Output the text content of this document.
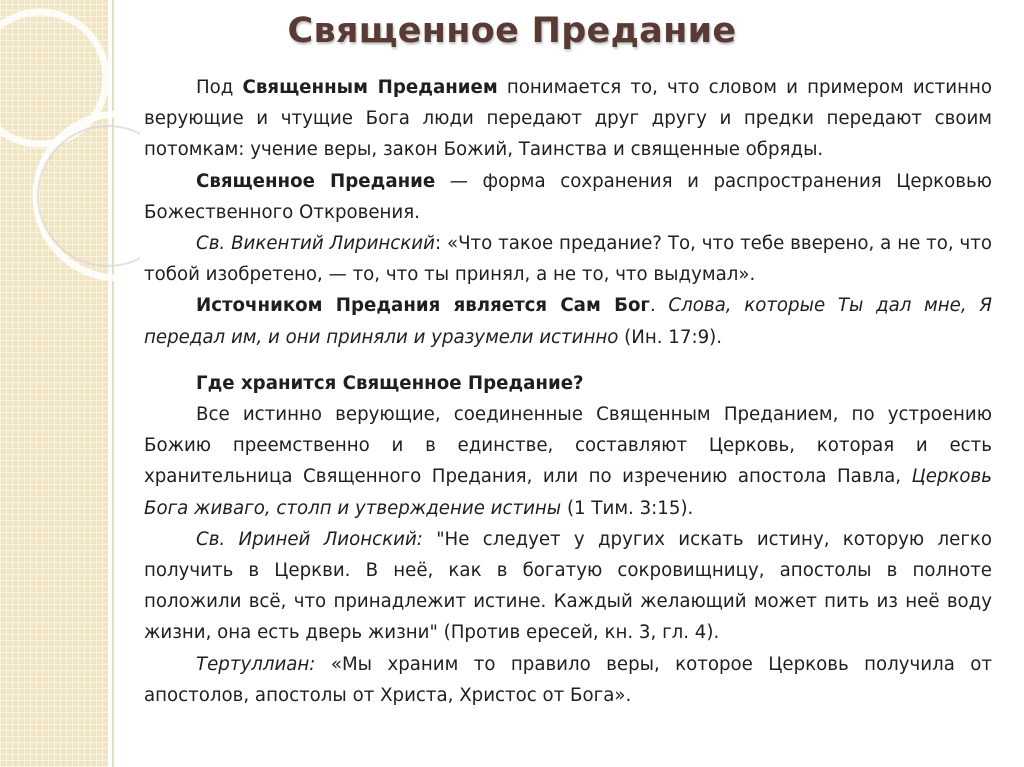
Священное Предание

Под Священным Преданием понимается то, что словом и примером истинно верующие и чтущие Бога люди передают друг другу и предки передают своим потомкам: учение веры, закон Божий, Таинства и священные обряды.

Священное Предание — форма сохранения и распространения Церковью Божественного Откровения.

Св. Викентий Лиринский: «Что такое предание? То, что тебе вверено, а не то, что тобой изобретено, — то, что ты принял, а не то, что выдумал».

Источником Предания является Сам Бог. Слова, которые Ты дал мне, Я передал им, и они приняли и уразумели истинно (Ин. 17:9).

Где хранится Священное Предание?

Все истинно верующие, соединенные Священным Преданием, по устроению Божию преемственно и в единстве, составляют Церковь, которая и есть хранительница Священного Предания, или по изречению апостола Павла, Церковь Бога живаго, столп и утверждение истины (1 Тим. 3:15).

Св. Ириней Лионский: "Не следует у других искать истину, которую легко получить в Церкви. В неё, как в богатую сокровищницу, апостолы в полноте положили всё, что принадлежит истине. Каждый желающий может пить из неё воду жизни, она есть дверь жизни" (Против ересей, кн. 3, гл. 4).

Тертуллиан: «Мы храним то правило веры, которое Церковь получила от апостолов, апостолы от Христа, Христос от Бога».
